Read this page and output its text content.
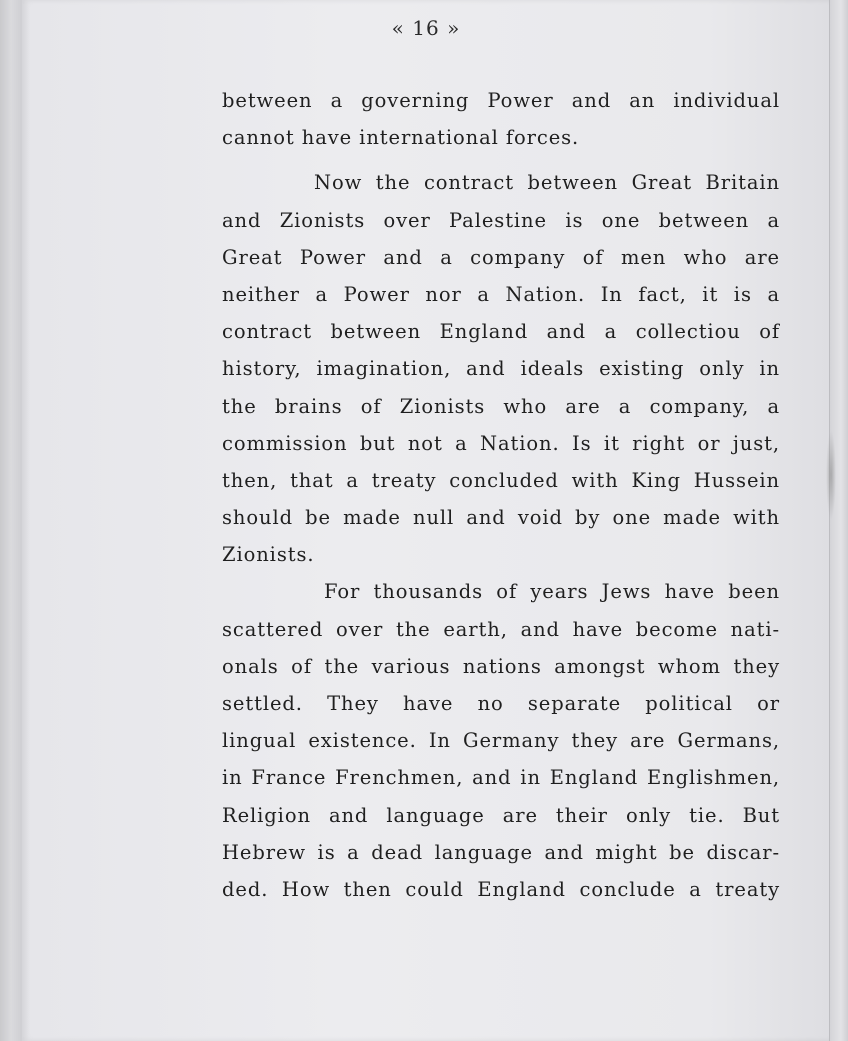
« 16 »
between a governing Power and an individual
cannot have international forces.
Now the contract between Great Britain
and Zionists over Palestine is one between a
Great Power and a company of men who are
neither a Power nor a Nation. In fact, it is a
contract between England and a collectiou of
history, imagination, and ideals existing only in
the brains of Zionists who are a company, a
commission but not a Nation. Is it right or just,
then, that a treaty concluded with King Hussein
should be made null and void by one made with
Zionists.
For thousands of years Jews have been
scattered over the earth, and have become nati-
onals of the various nations amongst whom they
settled. They have no separate political or
lingual existence. In Germany they are Germans,
in France Frenchmen, and in England Englishmen,
Religion and language are their only tie. But
Hebrew is a dead language and might be discar-
ded. How then could England conclude a treaty
